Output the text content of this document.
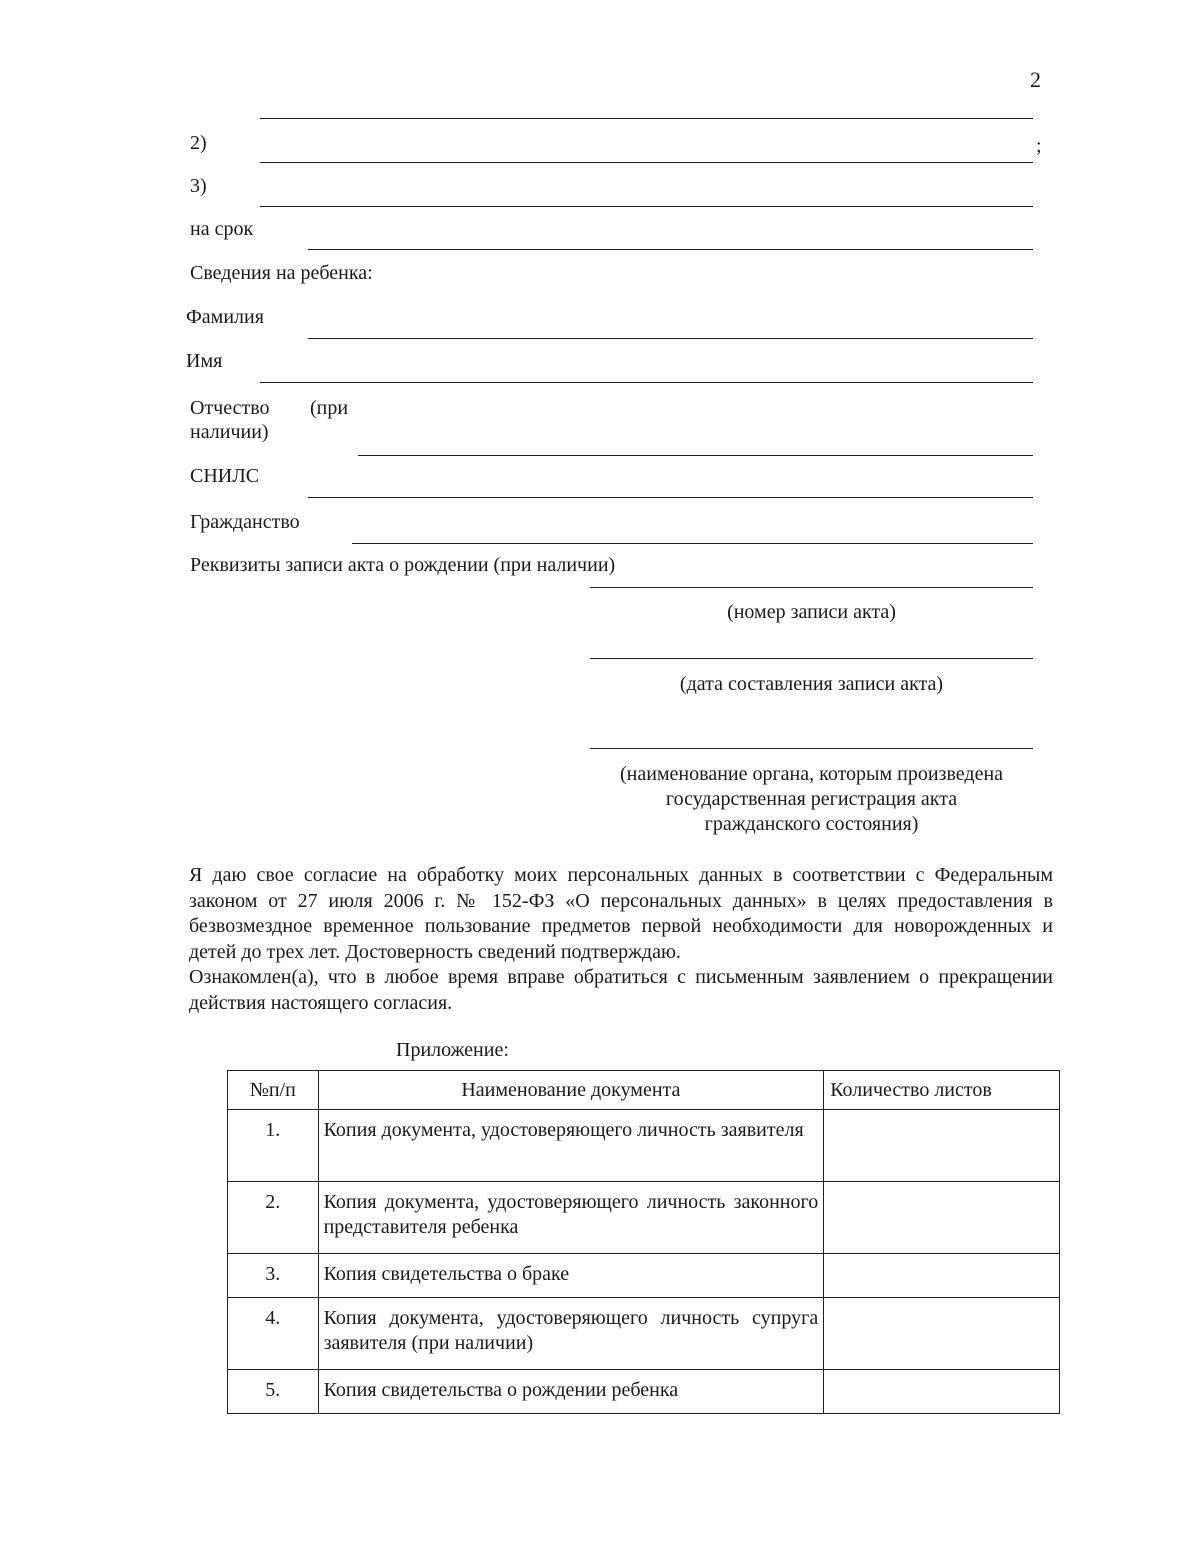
2
2)	;
3)
на срок
Сведения на ребенка:
Фамилия
Имя
Отчество (при
наличии)
СНИЛС
Гражданство
Реквизиты записи акта о рождении (при наличии)
(номер записи акта)
(дата составления записи акта)
(наименование органа, которым произведена
государственная регистрация акта
гражданского состояния)

Я даю свое согласие на обработку моих персональных данных в соответствии с Федеральным законом от 27 июля 2006 г. № 152-ФЗ «О персональных данных» в целях предоставления в безвозмездное временное пользование предметов первой необходимости для новорожденных и детей до трех лет. Достоверность сведений подтверждаю.

Ознакомлен(а), что в любое время вправе обратиться с письменным заявлением о прекращении действия настоящего согласия.

Приложение:
№п/п	Наименование документа	Количество листов
1.	Копия документа, удостоверяющего личность заявителя	
2.	Копия документа, удостоверяющего личность законного представителя ребенка	
3.	Копия свидетельства о браке	
4.	Копия документа, удостоверяющего личность супруга заявителя (при наличии)	
5.	Копия свидетельства о рождении ребенка	
